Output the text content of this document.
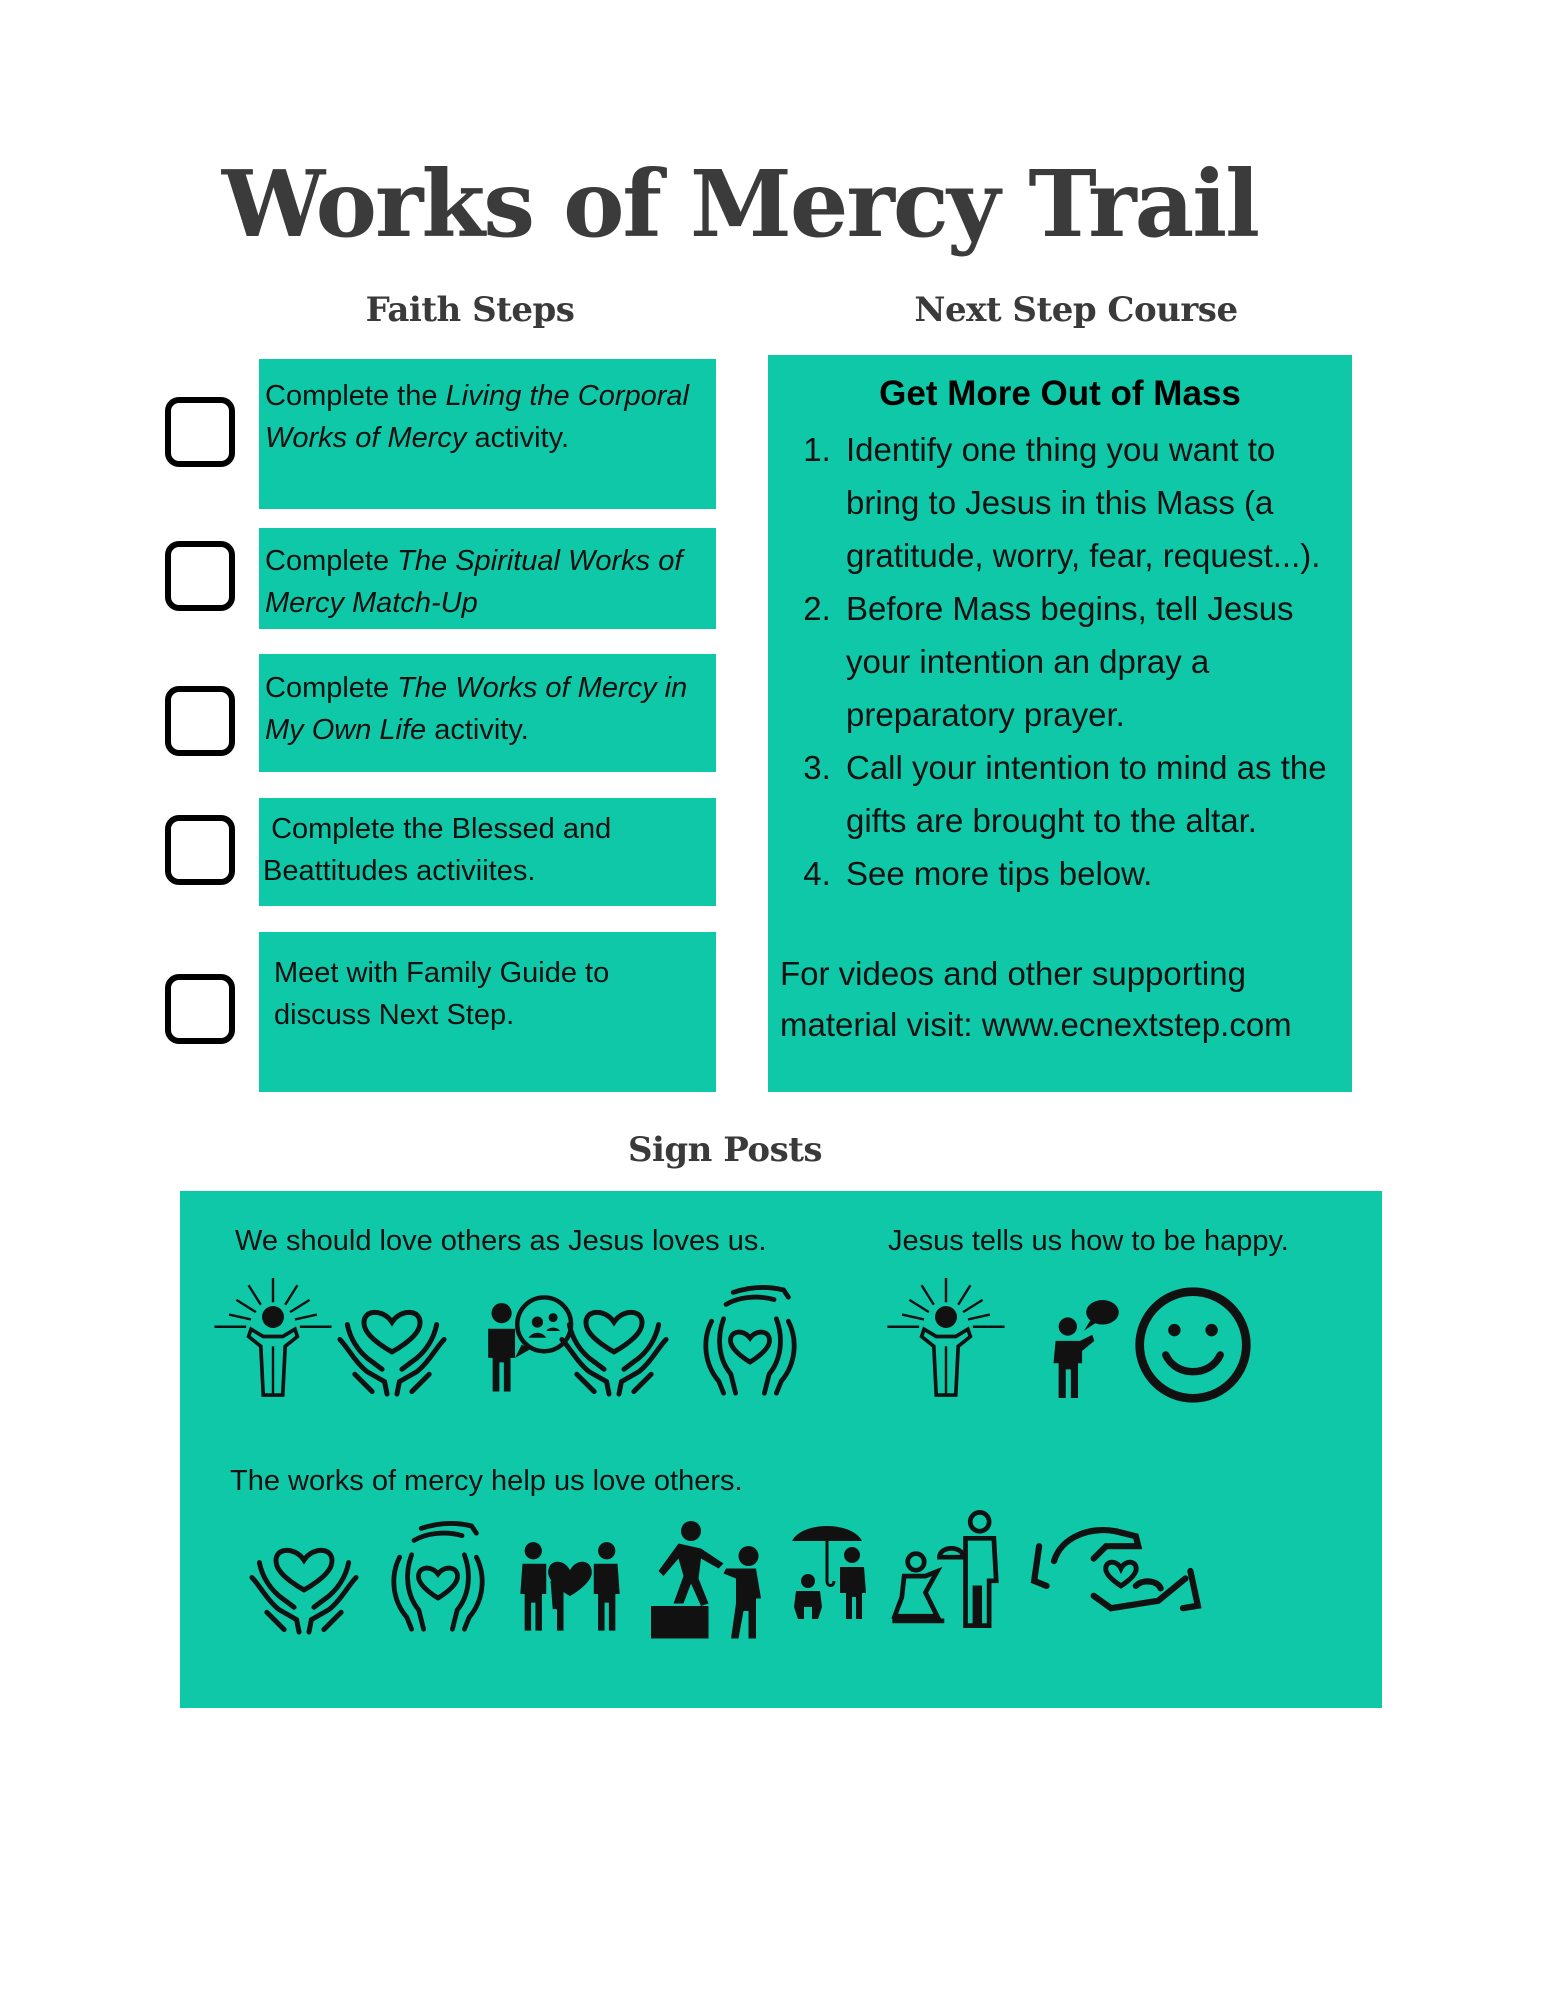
Works of Mercy Trail
Faith Steps	Next Step Course
Complete the Living the Corporal Works of Mercy activity.
Complete The Spiritual Works of Mercy Match-Up
Complete The Works of Mercy in My Own Life activity.
Complete the Blessed and Beattitudes activiites.
Meet with Family Guide to discuss Next Step.
Get More Out of Mass
1. Identify one thing you want to bring to Jesus in this Mass (a gratitude, worry, fear, request...).
2. Before Mass begins, tell Jesus your intention an dpray a preparatory prayer.
3. Call your intention to mind as the gifts are brought to the altar.
4. See more tips below.
For videos and other supporting material visit: www.ecnextstep.com
Sign Posts
We should love others as Jesus loves us.	Jesus tells us how to be happy.
The works of mercy help us love others.
